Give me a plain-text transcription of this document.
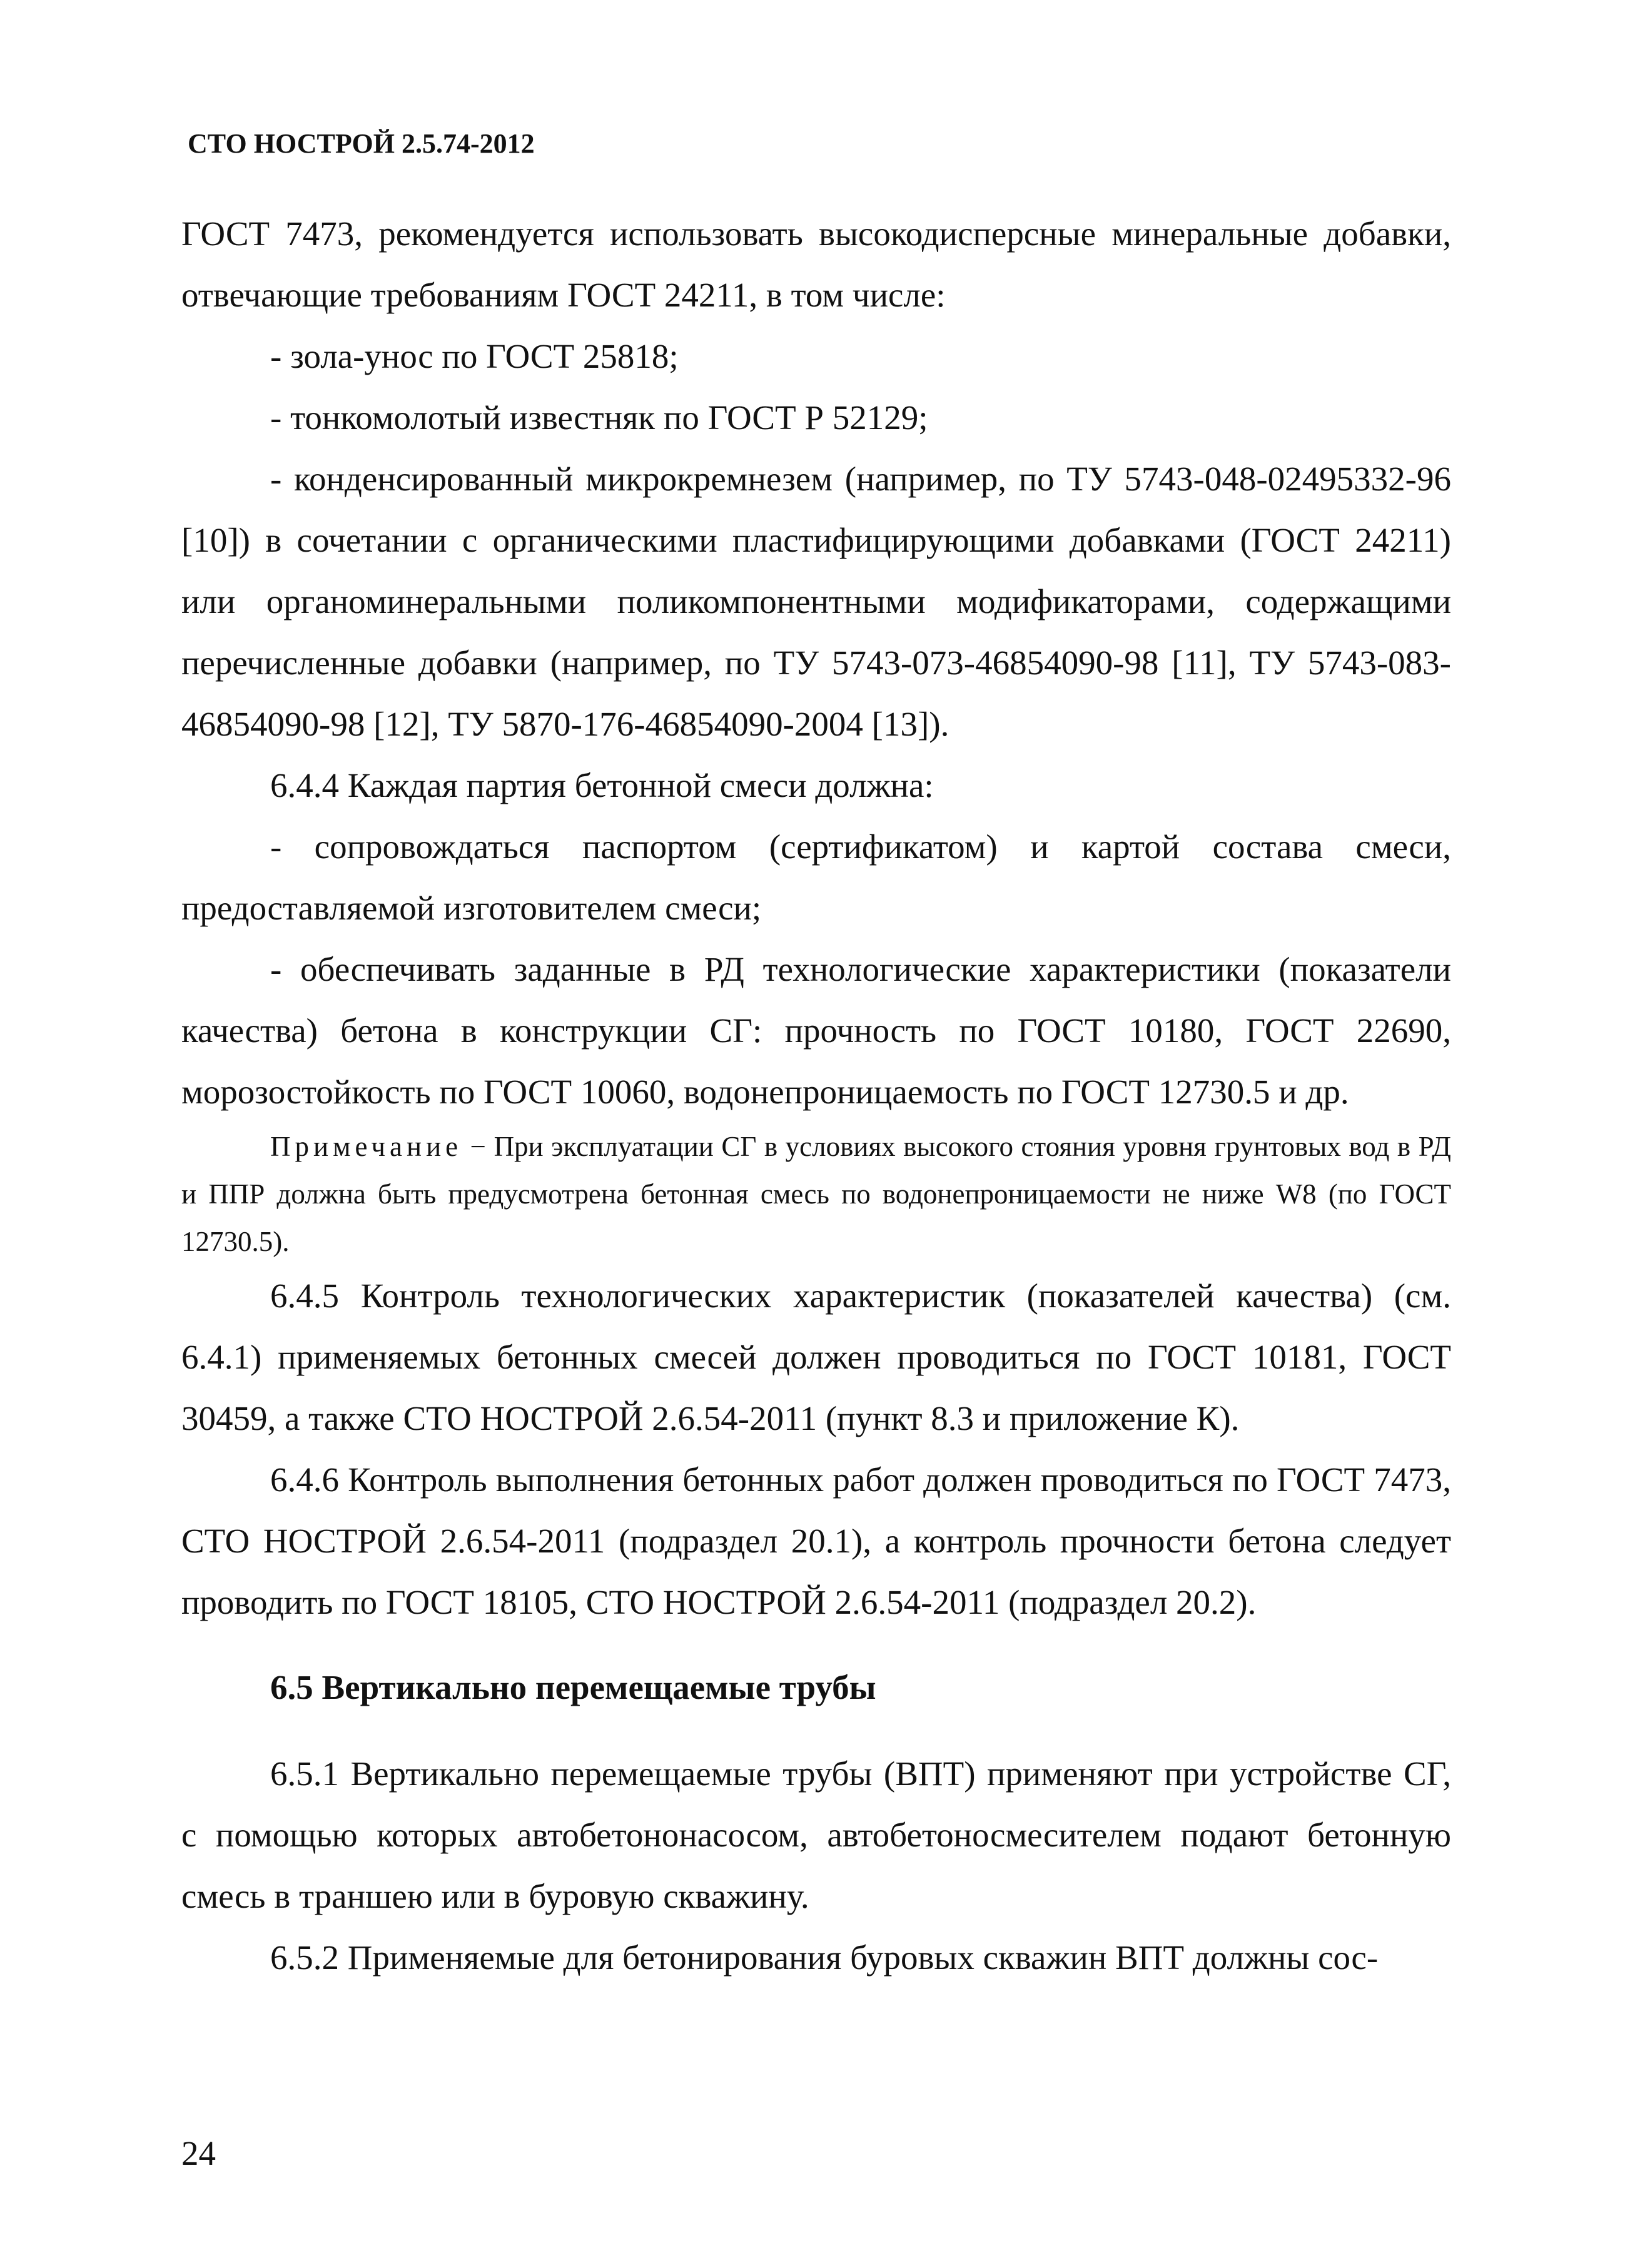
СТО НОСТРОЙ 2.5.74-2012

ГОСТ 7473, рекомендуется использовать высокодисперсные минеральные добавки, отвечающие требованиям ГОСТ 24211, в том числе:

- зола-унос по ГОСТ 25818;

- тонкомолотый известняк по ГОСТ Р 52129;

- конденсированный микрокремнезем (например, по ТУ 5743-048-02495332-96 [10]) в сочетании с органическими пластифицирующими добавками (ГОСТ 24211) или органоминеральными поликомпонентными модификаторами, содержащими перечисленные добавки (например, по ТУ 5743-073-46854090-98 [11], ТУ 5743-083-46854090-98 [12], ТУ 5870-176-46854090-2004 [13]).

6.4.4 Каждая партия бетонной смеси должна:

- сопровождаться паспортом (сертификатом) и картой состава смеси, предоставляемой изготовителем смеси;

- обеспечивать заданные в РД технологические характеристики (показатели качества) бетона в конструкции СГ: прочность по ГОСТ 10180, ГОСТ 22690, морозостойкость по ГОСТ 10060, водонепроницаемость по ГОСТ 12730.5 и др.

Примечание − При эксплуатации СГ в условиях высокого стояния уровня грунтовых вод в РД и ППР должна быть предусмотрена бетонная смесь по водонепроницаемости не ниже W8 (по ГОСТ 12730.5).

6.4.5 Контроль технологических характеристик (показателей качества) (см. 6.4.1) применяемых бетонных смесей должен проводиться по ГОСТ 10181, ГОСТ 30459, а также СТО НОСТРОЙ 2.6.54-2011 (пункт 8.3 и приложение К).

6.4.6 Контроль выполнения бетонных работ должен проводиться по ГОСТ 7473, СТО НОСТРОЙ 2.6.54-2011 (подраздел 20.1), а контроль прочности бетона следует проводить по ГОСТ 18105, СТО НОСТРОЙ 2.6.54-2011 (подраздел 20.2).

6.5 Вертикально перемещаемые трубы

6.5.1 Вертикально перемещаемые трубы (ВПТ) применяют при устройстве СГ, с помощью которых автобетононасосом, автобетоносмесителем подают бетонную смесь в траншею или в буровую скважину.

6.5.2 Применяемые для бетонирования буровых скважин ВПТ должны сос-

24
